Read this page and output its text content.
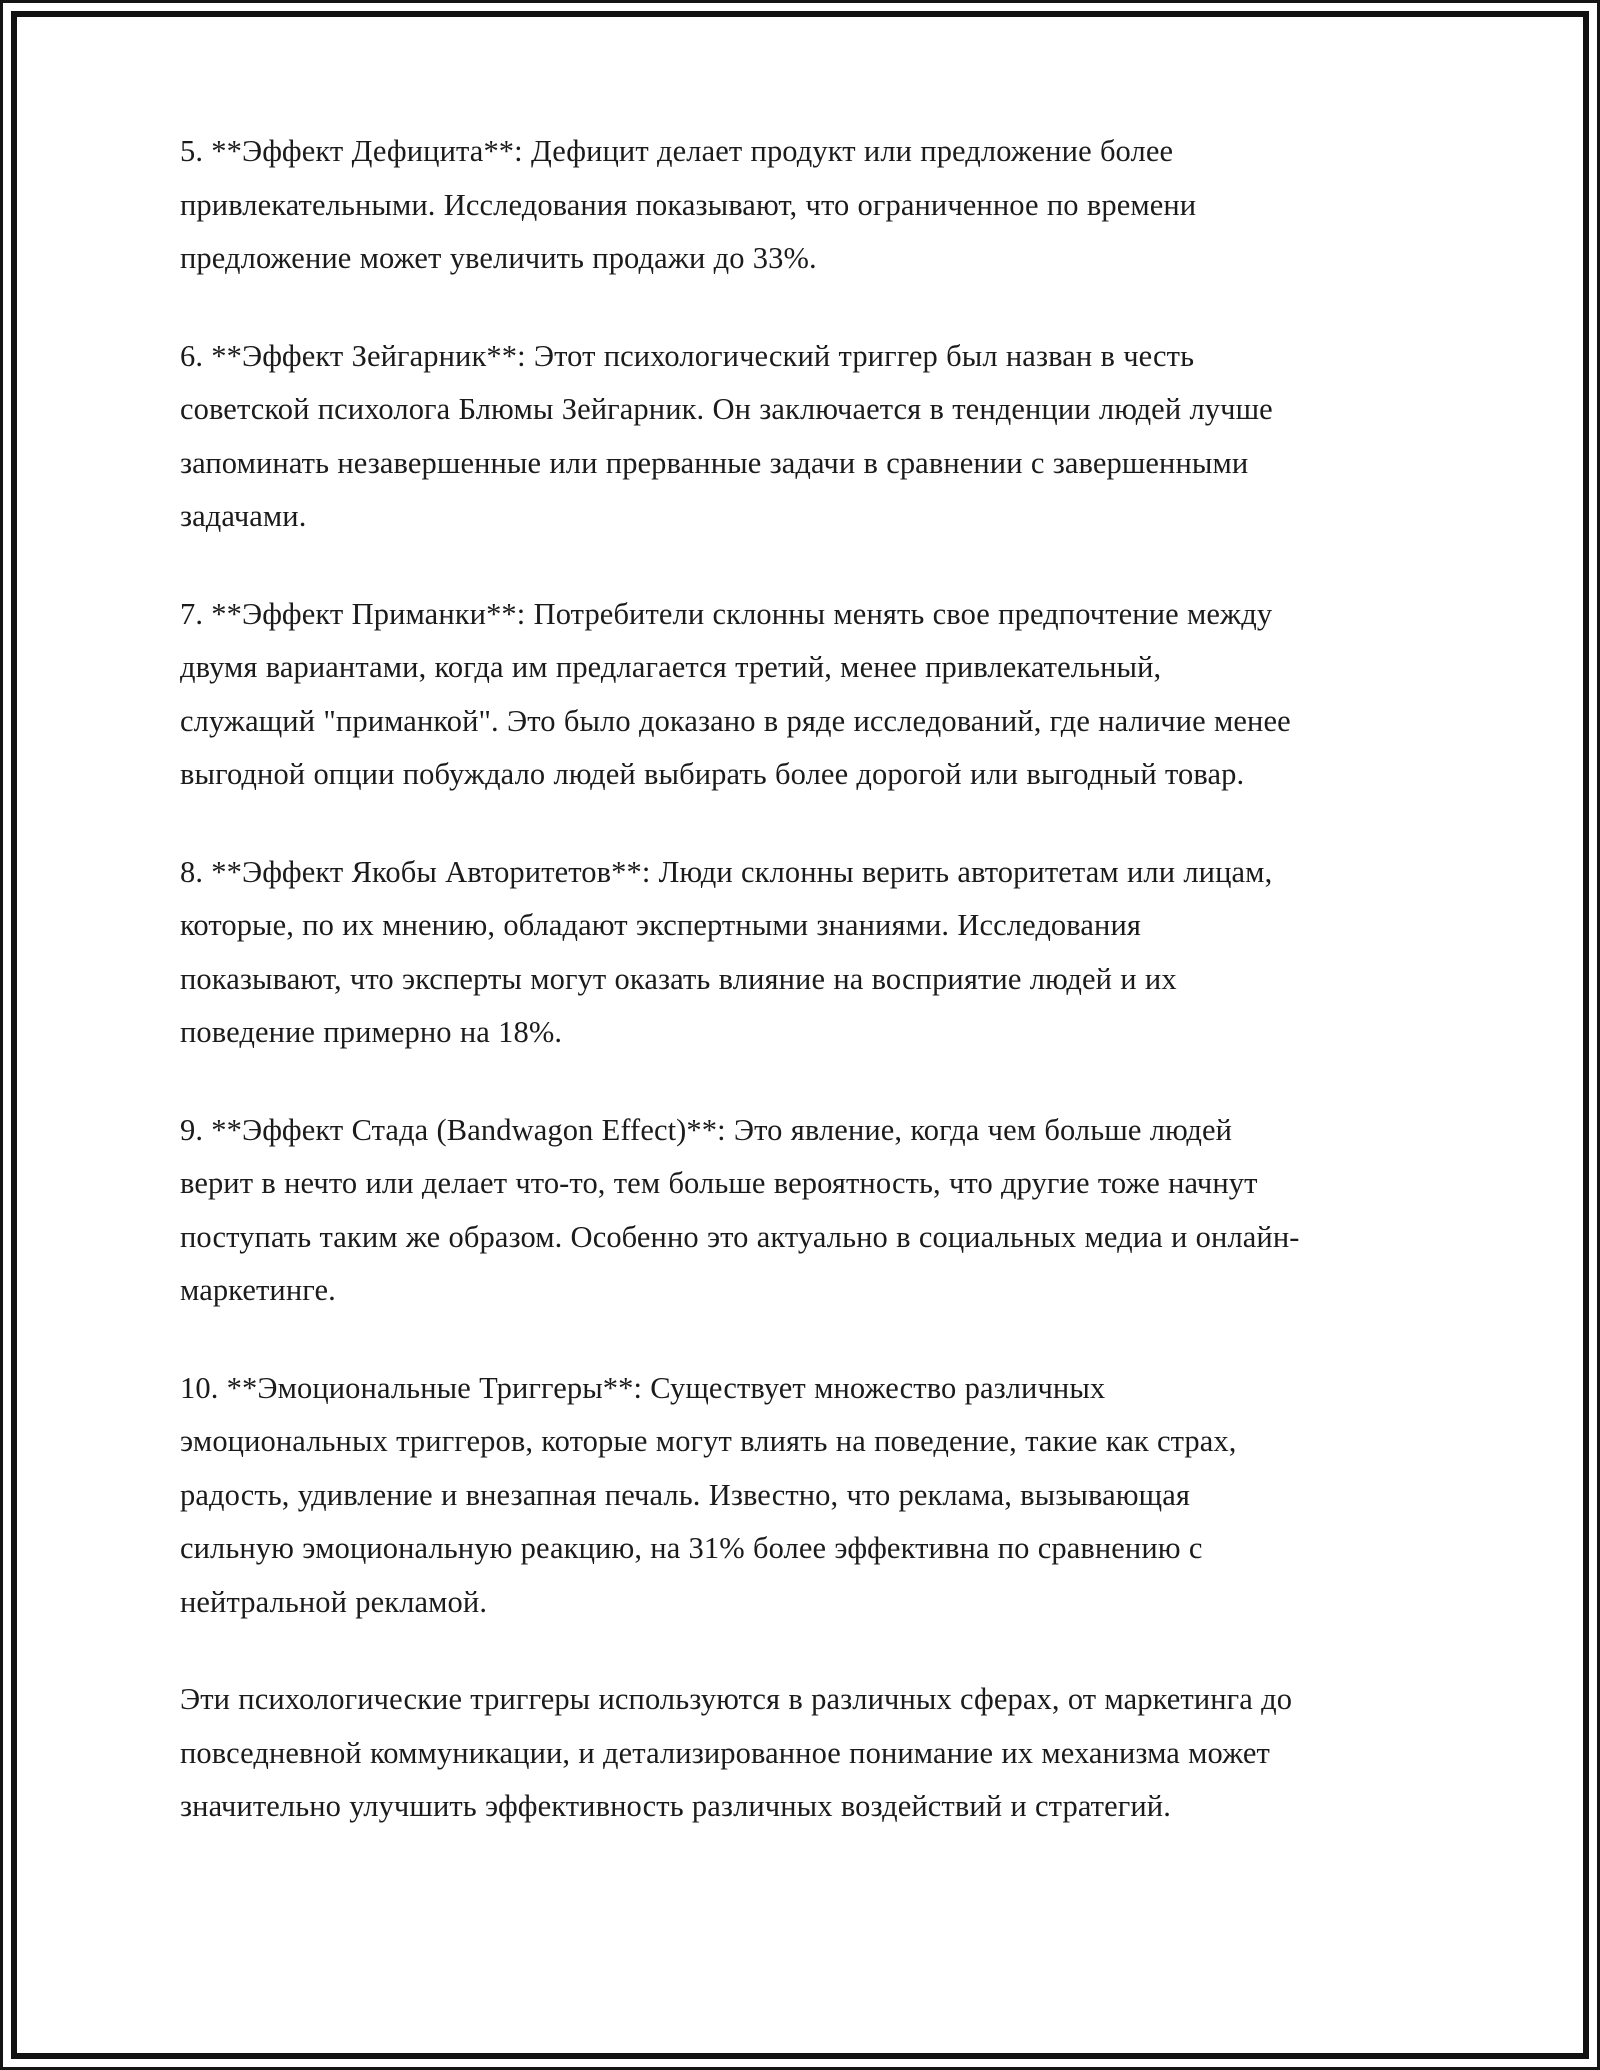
5. **Эффект Дефицита**: Дефицит делает продукт или предложение более привлекательными. Исследования показывают, что ограниченное по времени предложение может увеличить продажи до 33%.

6. **Эффект Зейгарник**: Этот психологический триггер был назван в честь советской психолога Блюмы Зейгарник. Он заключается в тенденции людей лучше запоминать незавершенные или прерванные задачи в сравнении с завершенными задачами.

7. **Эффект Приманки**: Потребители склонны менять свое предпочтение между двумя вариантами, когда им предлагается третий, менее привлекательный, служащий "приманкой". Это было доказано в ряде исследований, где наличие менее выгодной опции побуждало людей выбирать более дорогой или выгодный товар.

8. **Эффект Якобы Авторитетов**: Люди склонны верить авторитетам или лицам, которые, по их мнению, обладают экспертными знаниями. Исследования показывают, что эксперты могут оказать влияние на восприятие людей и их поведение примерно на 18%.

9. **Эффект Стада (Bandwagon Effect)**: Это явление, когда чем больше людей верит в нечто или делает что-то, тем больше вероятность, что другие тоже начнут поступать таким же образом. Особенно это актуально в социальных медиа и онлайн-маркетинге.

10. **Эмоциональные Триггеры**: Существует множество различных эмоциональных триггеров, которые могут влиять на поведение, такие как страх, радость, удивление и внезапная печаль. Известно, что реклама, вызывающая сильную эмоциональную реакцию, на 31% более эффективна по сравнению с нейтральной рекламой.

Эти психологические триггеры используются в различных сферах, от маркетинга до повседневной коммуникации, и детализированное понимание их механизма может значительно улучшить эффективность различных воздействий и стратегий.
